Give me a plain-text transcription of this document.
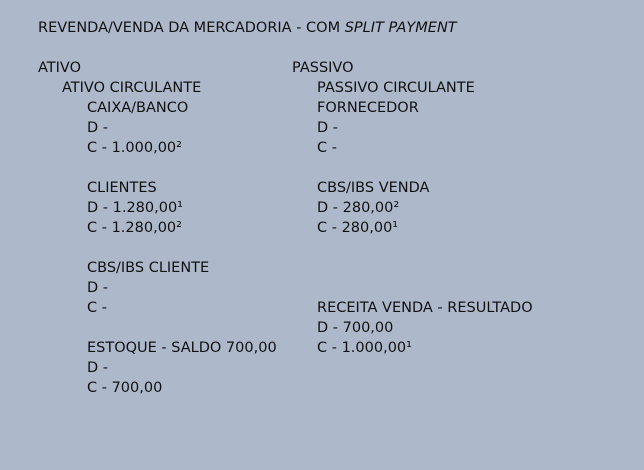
REVENDA/VENDA DA MERCADORIA - COM SPLIT PAYMENT

ATIVO

ATIVO CIRCULANTE

CAIXA/BANCO

D -

C - 1.000,00²

CLIENTES

D - 1.280,00¹

C - 1.280,00²

CBS/IBS CLIENTE

D -

C -

ESTOQUE - SALDO 700,00

D -

C - 700,00

PASSIVO

PASSIVO CIRCULANTE

FORNECEDOR

D -

C -

CBS/IBS VENDA

D - 280,00²

C - 280,00¹

RECEITA VENDA - RESULTADO

D - 700,00

C - 1.000,00¹
